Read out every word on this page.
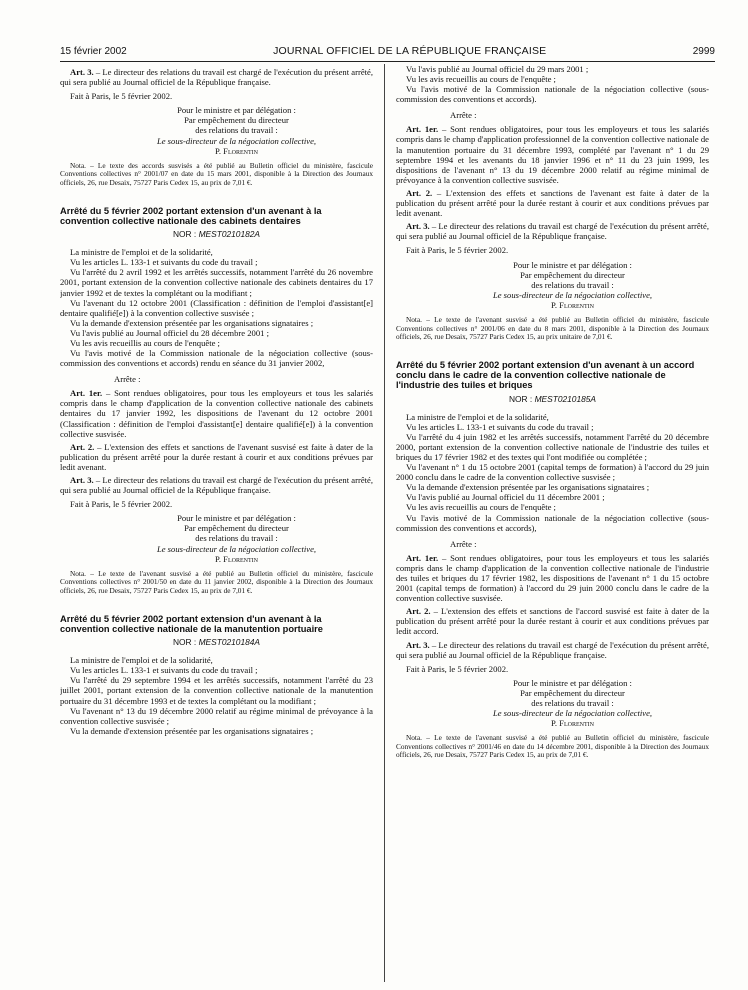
15 février 2002	JOURNAL OFFICIEL DE LA RÉPUBLIQUE FRANÇAISE	2999

Art. 3. – Le directeur des relations du travail est chargé de l'exécution du présent arrêté, qui sera publié au Journal officiel de la République française.

Fait à Paris, le 5 février 2002.

Pour le ministre et par délégation :
Par empêchement du directeur
des relations du travail :
Le sous-directeur de la négociation collective,
P. Florentin

Nota. – Le texte des accords susvisés a été publié au Bulletin officiel du ministère, fascicule Conventions collectives n° 2001/07 en date du 15 mars 2001, disponible à la Direction des Journaux officiels, 26, rue Desaix, 75727 Paris Cedex 15, au prix de 7,01 €.

Arrêté du 5 février 2002 portant extension d'un avenant à la convention collective nationale des cabinets dentaires
NOR : MESТ0210182A

La ministre de l'emploi et de la solidarité,

Vu les articles L. 133-1 et suivants du code du travail ;

Vu l'arrêté du 2 avril 1992 et les arrêtés successifs, notamment l'arrêté du 26 novembre 2001, portant extension de la convention collective nationale des cabinets dentaires du 17 janvier 1992 et de textes la complétant ou la modifiant ;

Vu l'avenant du 12 octobre 2001 (Classification : définition de l'emploi d'assistant[e] dentaire qualifié[e]) à la convention collective susvisée ;

Vu la demande d'extension présentée par les organisations signataires ;

Vu l'avis publié au Journal officiel du 28 décembre 2001 ;

Vu les avis recueillis au cours de l'enquête ;

Vu l'avis motivé de la Commission nationale de la négociation collective (sous-commission des conventions et accords) rendu en séance du 31 janvier 2002,

Arrête :

Art. 1er. – Sont rendues obligatoires, pour tous les employeurs et tous les salariés compris dans le champ d'application de la convention collective nationale des cabinets dentaires du 17 janvier 1992, les dispositions de l'avenant du 12 octobre 2001 (Classification : définition de l'emploi d'assistant[e] dentaire qualifié[e]) à la convention collective susvisée.

Art. 2. – L'extension des effets et sanctions de l'avenant susvisé est faite à dater de la publication du présent arrêté pour la durée restant à courir et aux conditions prévues par ledit avenant.

Art. 3. – Le directeur des relations du travail est chargé de l'exécution du présent arrêté, qui sera publié au Journal officiel de la République française.

Fait à Paris, le 5 février 2002.

Pour le ministre et par délégation :
Par empêchement du directeur
des relations du travail :
Le sous-directeur de la négociation collective,
P. Florentin

Nota. – Le texte de l'avenant susvisé a été publié au Bulletin officiel du ministère, fascicule Conventions collectives n° 2001/50 en date du 11 janvier 2002, disponible à la Direction des Journaux officiels, 26, rue Desaix, 75727 Paris Cedex 15, au prix de 7,01 €.

Arrêté du 5 février 2002 portant extension d'un avenant à la convention collective nationale de la manutention portuaire
NOR : MESТ0210184A

La ministre de l'emploi et de la solidarité,

Vu les articles L. 133-1 et suivants du code du travail ;

Vu l'arrêté du 29 septembre 1994 et les arrêtés successifs, notamment l'arrêté du 23 juillet 2001, portant extension de la convention collective nationale de la manutention portuaire du 31 décembre 1993 et de textes la complétant ou la modifiant ;

Vu l'avenant n° 13 du 19 décembre 2000 relatif au régime minimal de prévoyance à la convention collective susvisée ;

Vu la demande d'extension présentée par les organisations signataires ;

Vu l'avis publié au Journal officiel du 29 mars 2001 ;

Vu les avis recueillis au cours de l'enquête ;

Vu l'avis motivé de la Commission nationale de la négociation collective (sous-commission des conventions et accords).

Arrête :

Art. 1er. – Sont rendues obligatoires, pour tous les employeurs et tous les salariés compris dans le champ d'application professionnel de la convention collective nationale de la manutention portuaire du 31 décembre 1993, complété par l'avenant n° 1 du 29 septembre 1994 et les avenants du 18 janvier 1996 et n° 11 du 23 juin 1999, les dispositions de l'avenant n° 13 du 19 décembre 2000 relatif au régime minimal de prévoyance à la convention collective susvisée.

Art. 2. – L'extension des effets et sanctions de l'avenant est faite à dater de la publication du présent arrêté pour la durée restant à courir et aux conditions prévues par ledit avenant.

Art. 3. – Le directeur des relations du travail est chargé de l'exécution du présent arrêté, qui sera publié au Journal officiel de la République française.

Fait à Paris, le 5 février 2002.

Pour le ministre et par délégation :
Par empêchement du directeur
des relations du travail :
Le sous-directeur de la négociation collective,
P. Florentin

Nota. – Le texte de l'avenant susvisé a été publié au Bulletin officiel du ministère, fascicule Conventions collectives n° 2001/06 en date du 8 mars 2001, disponible à la Direction des Journaux officiels, 26, rue Desaix, 75727 Paris Cedex 15, au prix unitaire de 7,01 €.

Arrêté du 5 février 2002 portant extension d'un avenant à un accord conclu dans le cadre de la convention collective nationale de l'industrie des tuiles et briques
NOR : MESТ0210185A

La ministre de l'emploi et de la solidarité,

Vu les articles L. 133-1 et suivants du code du travail ;

Vu l'arrêté du 4 juin 1982 et les arrêtés successifs, notamment l'arrêté du 20 décembre 2000, portant extension de la convention collective nationale de l'industrie des tuiles et briques du 17 février 1982 et des textes qui l'ont modifiée ou complétée ;

Vu l'avenant n° 1 du 15 octobre 2001 (capital temps de formation) à l'accord du 29 juin 2000 conclu dans le cadre de la convention collective susvisée ;

Vu la demande d'extension présentée par les organisations signataires ;

Vu l'avis publié au Journal officiel du 11 décembre 2001 ;

Vu les avis recueillis au cours de l'enquête ;

Vu l'avis motivé de la Commission nationale de la négociation collective (sous-commission des conventions et accords),

Arrête :

Art. 1er. – Sont rendues obligatoires, pour tous les employeurs et tous les salariés compris dans le champ d'application de la convention collective nationale de l'industrie des tuiles et briques du 17 février 1982, les dispositions de l'avenant n° 1 du 15 octobre 2001 (capital temps de formation) à l'accord du 29 juin 2000 conclu dans le cadre de la convention collective susvisée.

Art. 2. – L'extension des effets et sanctions de l'accord susvisé est faite à dater de la publication du présent arrêté pour la durée restant à courir et aux conditions prévues par ledit accord.

Art. 3. – Le directeur des relations du travail est chargé de l'exécution du présent arrêté, qui sera publié au Journal officiel de la République française.

Fait à Paris, le 5 février 2002.

Pour le ministre et par délégation :
Par empêchement du directeur
des relations du travail :
Le sous-directeur de la négociation collective,
P. Florentin

Nota. – Le texte de l'avenant susvisé a été publié au Bulletin officiel du ministère, fascicule Conventions collectives n° 2001/46 en date du 14 décembre 2001, disponible à la Direction des Journaux officiels, 26, rue Desaix, 75727 Paris Cedex 15, au prix de 7,01 €.
